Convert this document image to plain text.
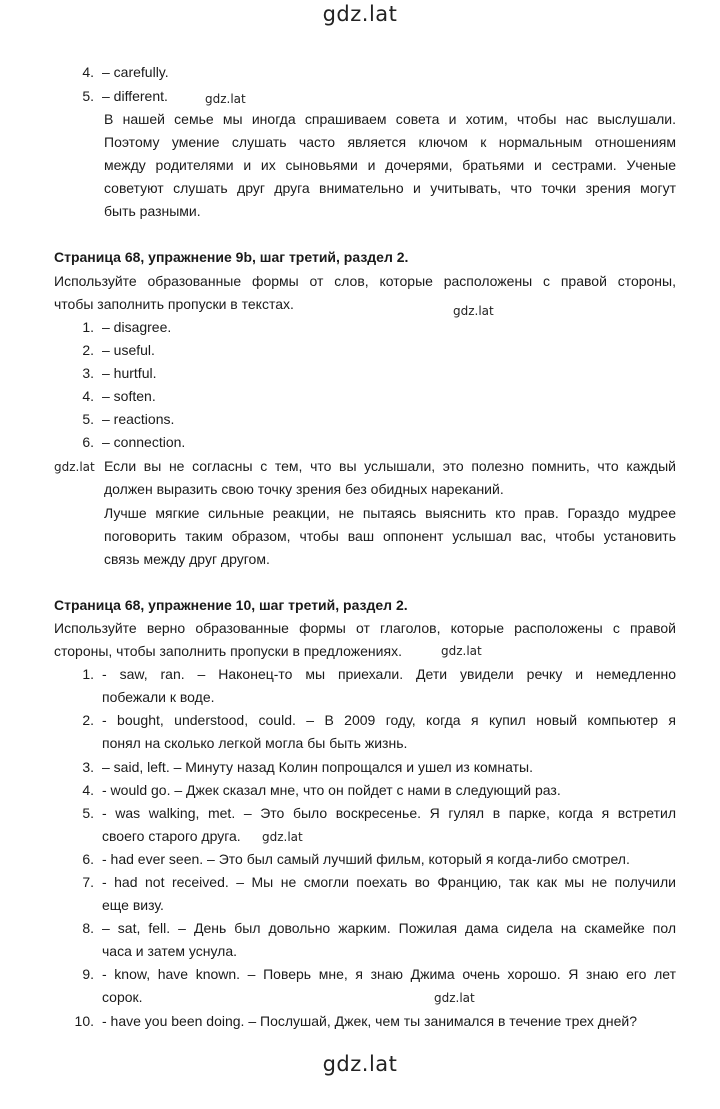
gdz.lat
gdz.lat
gdz.lat
gdz.lat
gdz.lat
gdz.lat
gdz.lat
gdz.lat
4. – carefully.
5. – different.
В нашей семье мы иногда спрашиваем совета и хотим, чтобы нас выслушали.
Поэтому умение слушать часто является ключом к нормальным отношениям
между родителями и их сыновьями и дочерями, братьями и сестрами. Ученые
советуют слушать друг друга внимательно и учитывать, что точки зрения могут
быть разными.
Страница 68, упражнение 9b, шаг третий, раздел 2.
Используйте образованные формы от слов, которые расположены с правой стороны,
чтобы заполнить пропуски в текстах.
1. – disagree.
2. – useful.
3. – hurtful.
4. – soften.
5. – reactions.
6. – connection.
Если вы не согласны с тем, что вы услышали, это полезно помнить, что каждый
должен выразить свою точку зрения без обидных нареканий.
Лучше мягкие сильные реакции, не пытаясь выяснить кто прав. Гораздо мудрее
поговорить таким образом, чтобы ваш оппонент услышал вас, чтобы установить
связь между друг другом.
Страница 68, упражнение 10, шаг третий, раздел 2.
Используйте верно образованные формы от глаголов, которые расположены с правой
стороны, чтобы заполнить пропуски в предложениях.
1. - saw, ran. – Наконец-то мы приехали. Дети увидели речку и немедленно
побежали к воде.
2. - bought, understood, could. – В 2009 году, когда я купил новый компьютер я
понял на сколько легкой могла бы быть жизнь.
3. – said, left. – Минуту назад Колин попрощался и ушел из комнаты.
4. - would go. – Джек сказал мне, что он пойдет с нами в следующий раз.
5. - was walking, met. – Это было воскресенье. Я гулял в парке, когда я встретил
своего старого друга.
6. - had ever seen. – Это был самый лучший фильм, который я когда-либо смотрел.
7. - had not received. – Мы не смогли поехать во Францию, так как мы не получили
еще визу.
8. – sat, fell. – День был довольно жарким. Пожилая дама сидела на скамейке пол
часа и затем уснула.
9. - know, have known. – Поверь мне, я знаю Джима очень хорошо. Я знаю его лет
сорок.
10. - have you been doing. – Послушай, Джек, чем ты занимался в течение трех дней?
